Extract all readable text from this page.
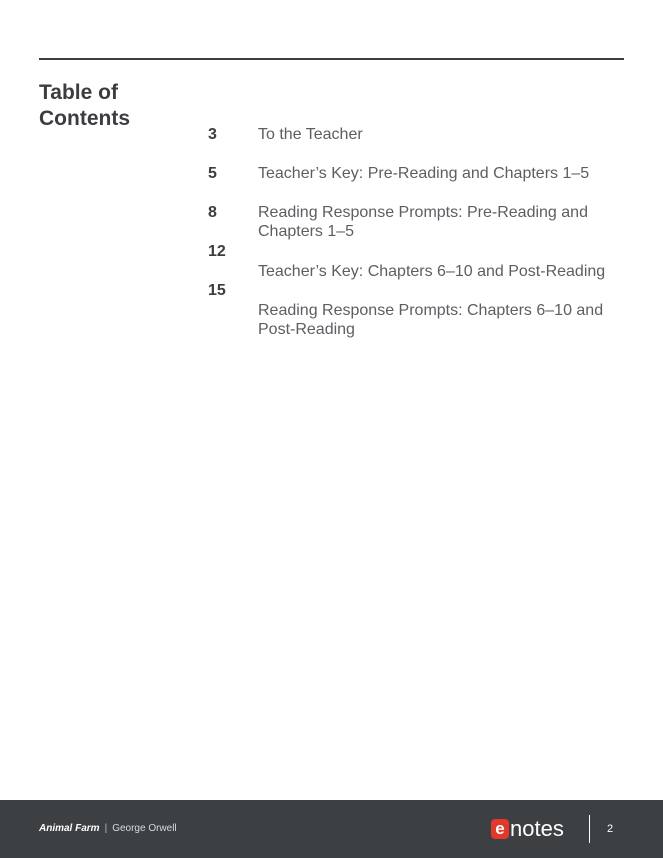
Table of Contents
3
5
8
12
15
To the Teacher
Teacher’s Key: Pre-Reading and Chapters 1–5
Reading Response Prompts: Pre-Reading and Chapters 1–5
Teacher’s Key: Chapters 6–10 and Post-Reading
Reading Response Prompts: Chapters 6–10 and Post-Reading
Animal Farm | George Orwell	e notes	2
